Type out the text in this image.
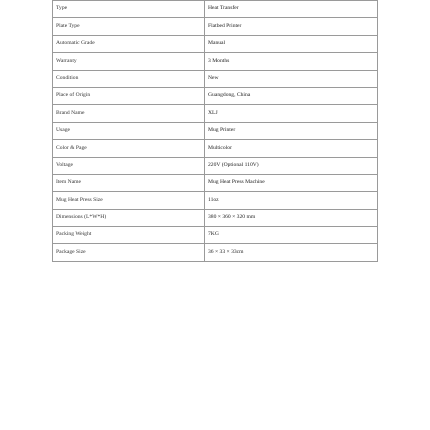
Type	Heat Transfer
Plate Type	Flatbed Printer
Automatic Grade	Manual
Warranty	3 Months
Condition	New
Place of Origin	Guangdong, China
Brand Name	XLJ
Usage	Mug Printer
Color & Page	Multicolor
Voltage	220V (Optional 110V)
Item Name	Mug Heat Press Machine
Mug Heat Press Size	11oz
Dimensions (L*W*H)	380 × 360 × 320 mm
Packing Weight	7KG
Package Size	36 × 33 × 33cm
